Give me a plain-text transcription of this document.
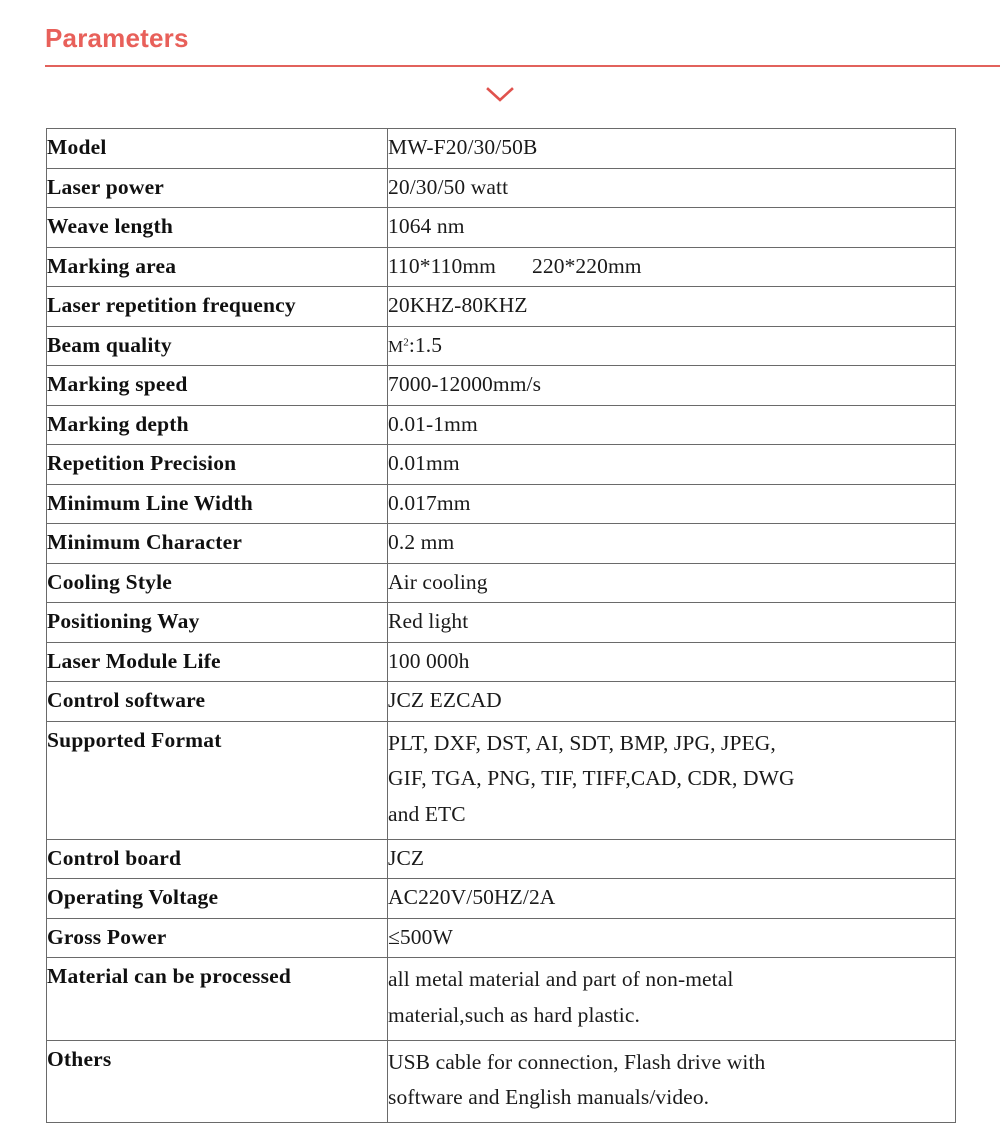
Parameters
Model	MW-F20/30/50B

Laser power	20/30/50 watt

Weave length	1064 nm

Marking area	110*110mm 220*220mm

Laser repetition frequency	20KHZ-80KHZ

Beam quality	$M^2:1.5$

Marking speed	7000-12000mm/s

Marking depth	0.01-1mm

Repetition Precision	0.01mm

Minimum Line Width	0.017mm

Minimum Character	0.2 mm

Cooling Style	Air cooling

Positioning Way	Red light

Laser Module Life	100 000h

Control software	JCZ EZCAD

Supported Format	PLT, DXF, DST, AI, SDT, BMP, JPG, JPEG,
GIF, TGA, PNG, TIF, TIFF,CAD, CDR, DWG
and ETC

Control board	JCZ

Operating Voltage	AC220V/50HZ/2A

Gross Power	≤500W

Material can be processed	all metal material and part of non-metal
material,such as hard plastic.

Others	USB cable for connection, Flash drive with
software and English manuals/video.
